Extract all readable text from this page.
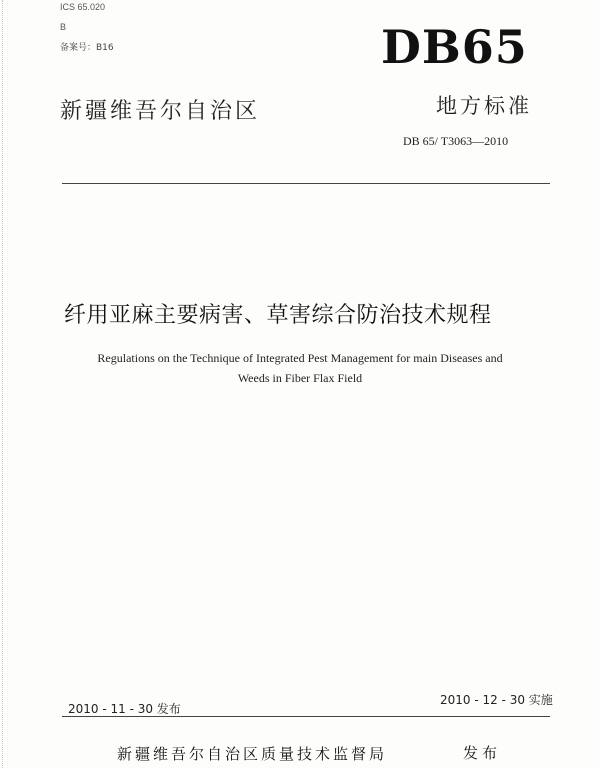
ICS 65.020
B
备案号：B16	DB65
新疆维吾尔自治区	地方标准
DB 65/ T3063—2010
纤用亚麻主要病害、草害综合防治技术规程
Regulations on the Technique of Integrated Pest Management for main Diseases and
Weeds in Fiber Flax Field
2010 - 11 - 30 发布
2010 - 12 - 30 实施
新疆维吾尔自治区质量技术监督局	发布
